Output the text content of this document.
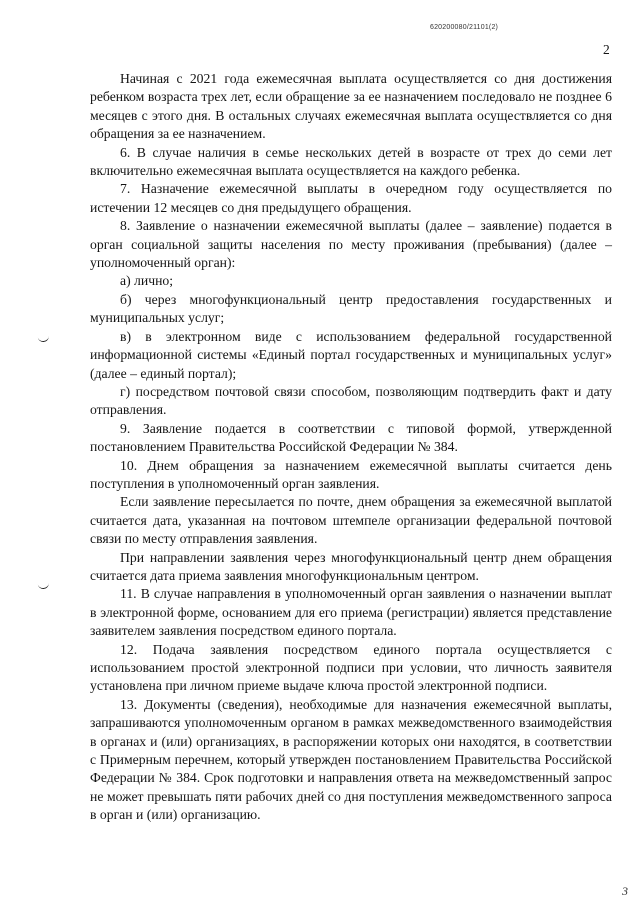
620200080/21101(2)
2

Начиная с 2021 года ежемесячная выплата осуществляется со дня достижения ребенком возраста трех лет, если обращение за ее назначением последовало не позднее 6 месяцев с этого дня. В остальных случаях ежемесячная выплата осуществляется со дня обращения за ее назначением.

6. В случае наличия в семье нескольких детей в возрасте от трех до семи лет включительно ежемесячная выплата осуществляется на каждого ребенка.

7. Назначение ежемесячной выплаты в очередном году осуществляется по истечении 12 месяцев со дня предыдущего обращения.

8. Заявление о назначении ежемесячной выплаты (далее – заявление) подается в орган социальной защиты населения по месту проживания (пребывания) (далее – уполномоченный орган):

а) лично;

б) через многофункциональный центр предоставления государственных и муниципальных услуг;

в) в электронном виде с использованием федеральной государственной информационной системы «Единый портал государственных и муниципальных услуг» (далее – единый портал);

г) посредством почтовой связи способом, позволяющим подтвердить факт и дату отправления.

9. Заявление подается в соответствии с типовой формой, утвержденной постановлением Правительства Российской Федерации № 384.

10. Днем обращения за назначением ежемесячной выплаты считается день поступления в уполномоченный орган заявления.

Если заявление пересылается по почте, днем обращения за ежемесячной выплатой считается дата, указанная на почтовом штемпеле организации федеральной почтовой связи по месту отправления заявления.

При направлении заявления через многофункциональный центр днем обращения считается дата приема заявления многофункциональным центром.

11. В случае направления в уполномоченный орган заявления о назначении выплат в электронной форме, основанием для его приема (регистрации) является представление заявителем заявления посредством единого портала.

12. Подача заявления посредством единого портала осуществляется с использованием простой электронной подписи при условии, что личность заявителя установлена при личном приеме выдаче ключа простой электронной подписи.

13. Документы (сведения), необходимые для назначения ежемесячной выплаты, запрашиваются уполномоченным органом в рамках межведомственного взаимодействия в органах и (или) организациях, в распоряжении которых они находятся, в соответствии с Примерным перечнем, который утвержден постановлением Правительства Российской Федерации № 384. Срок подготовки и направления ответа на межведомственный запрос не может превышать пяти рабочих дней со дня поступления межведомственного запроса в орган и (или) организацию.

3
